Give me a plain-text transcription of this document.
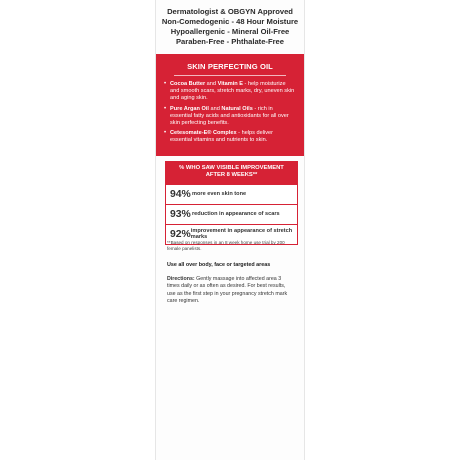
Dermatologist & OBGYN Approved
Non-Comedogenic - 48 Hour Moisture
Hypoallergenic - Mineral Oil-Free
Paraben-Free - Phthalate-Free
SKIN PERFECTING OIL
• Cocoa Butter and Vitamin E - help moisturize and smooth scars, stretch marks, dry, uneven skin and aging skin.
• Pure Argan Oil and Natural Oils - rich in essential fatty acids and antioxidants for all over skin perfecting benefits.
• Cetesomate-E® Complex - helps deliver essential vitamins and nutrients to skin.
% WHO SAW VISIBLE IMPROVEMENT AFTER 8 WEEKS**
94% more even skin tone
93% reduction in appearance of scars
92% improvement in appearance of stretch marks
**Based on responses in an 8 week home use trial by 200 female panelists.
Use all over body, face or targeted areas
Directions: Gently massage into affected area 3 times daily or as often as desired. For best results, use as the first step in your pregnancy stretch mark care regimen.
